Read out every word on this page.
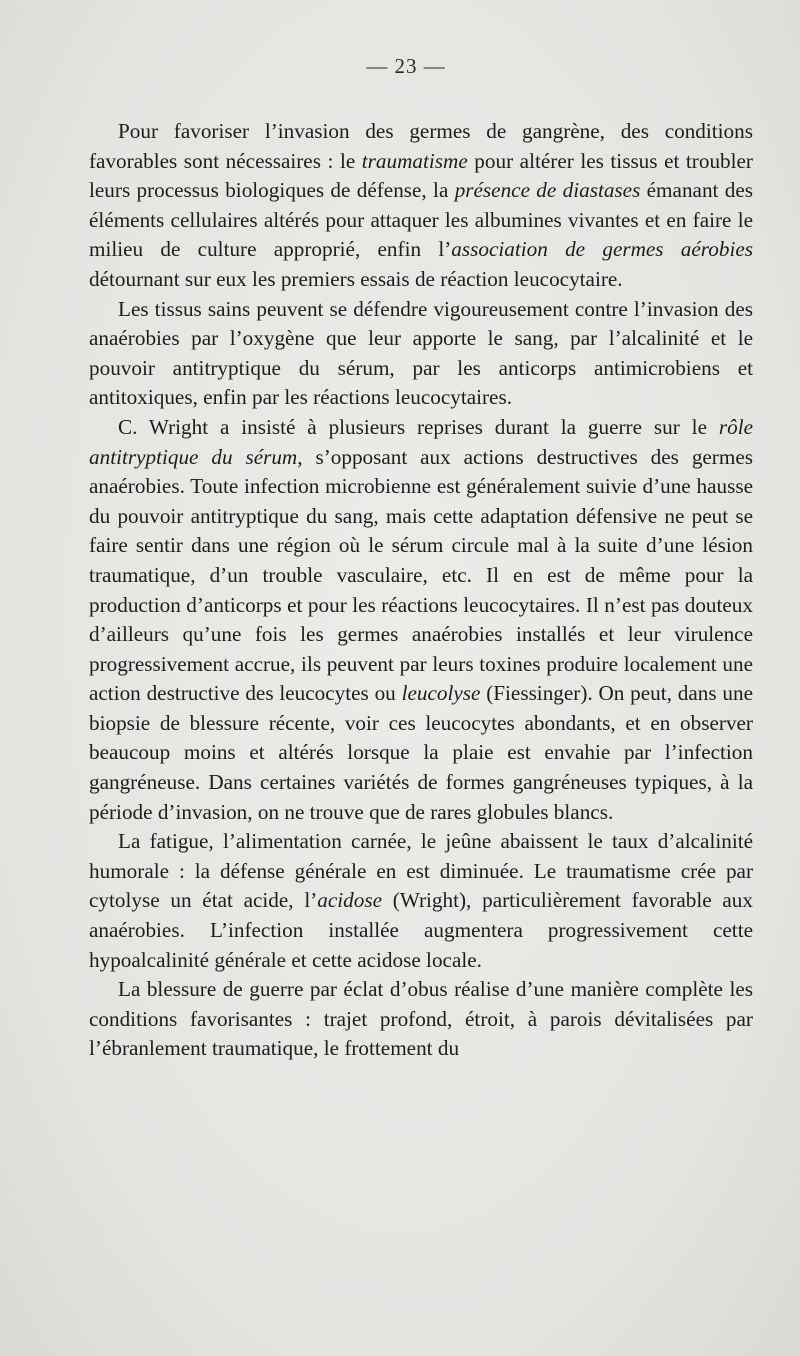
— 23 —

Pour favoriser l’invasion des germes de gangrène, des conditions favorables sont nécessaires : le traumatisme pour altérer les tissus et troubler leurs processus biologiques de défense, la présence de diastases émanant des éléments cellulaires altérés pour attaquer les albumines vivantes et en faire le milieu de culture approprié, enfin l’association de germes aérobies détournant sur eux les premiers essais de réaction leucocytaire.

Les tissus sains peuvent se défendre vigoureusement contre l’invasion des anaérobies par l’oxygène que leur apporte le sang, par l’alcalinité et le pouvoir antitryptique du sérum, par les anticorps antimicrobiens et antitoxiques, enfin par les réactions leucocytaires.

C. Wright a insisté à plusieurs reprises durant la guerre sur le rôle antitryptique du sérum, s’opposant aux actions destructives des germes anaérobies. Toute infection microbienne est généralement suivie d’une hausse du pouvoir antitryptique du sang, mais cette adaptation défensive ne peut se faire sentir dans une région où le sérum circule mal à la suite d’une lésion traumatique, d’un trouble vasculaire, etc. Il en est de même pour la production d’anticorps et pour les réactions leucocytaires. Il n’est pas douteux d’ailleurs qu’une fois les germes anaérobies installés et leur virulence progressivement accrue, ils peuvent par leurs toxines produire localement une action destructive des leucocytes ou leucolyse (Fiessinger). On peut, dans une biopsie de blessure récente, voir ces leucocytes abondants, et en observer beaucoup moins et altérés lorsque la plaie est envahie par l’infection gangréneuse. Dans certaines variétés de formes gangréneuses typiques, à la période d’invasion, on ne trouve que de rares globules blancs.

La fatigue, l’alimentation carnée, le jeûne abaissent le taux d’alcalinité humorale : la défense générale en est diminuée. Le traumatisme crée par cytolyse un état acide, l’acidose (Wright), particulièrement favorable aux anaérobies. L’infection installée augmentera progressivement cette hypoalcalinité générale et cette acidose locale.

La blessure de guerre par éclat d’obus réalise d’une manière complète les conditions favorisantes : trajet profond, étroit, à parois dévitalisées par l’ébranlement traumatique, le frottement du
